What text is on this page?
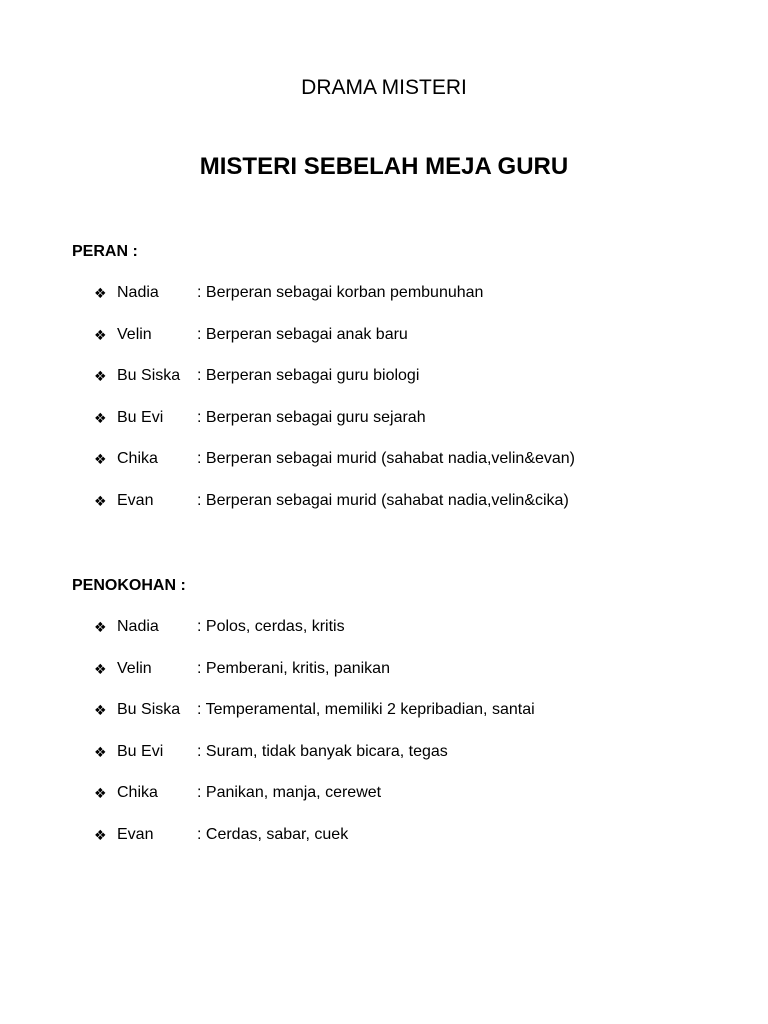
DRAMA MISTERI
MISTERI SEBELAH MEJA GURU
PERAN :
❖ Nadia : Berperan sebagai korban pembunuhan
❖ Velin	: Berperan sebagai anak baru
❖ Bu Siska : Berperan sebagai guru biologi
❖ Bu Evi : Berperan sebagai guru sejarah
❖ Chika : Berperan sebagai murid (sahabat nadia,velin&evan)
❖ Evan	: Berperan sebagai murid (sahabat nadia,velin&cika)
PENOKOHAN :
❖ Nadia : Polos, cerdas, kritis
❖ Velin	: Pemberani, kritis, panikan
❖ Bu Siska : Temperamental, memiliki 2 kepribadian, santai
❖ Bu Evi : Suram, tidak banyak bicara, tegas
❖ Chika : Panikan, manja, cerewet
❖ Evan	: Cerdas, sabar, cuek
